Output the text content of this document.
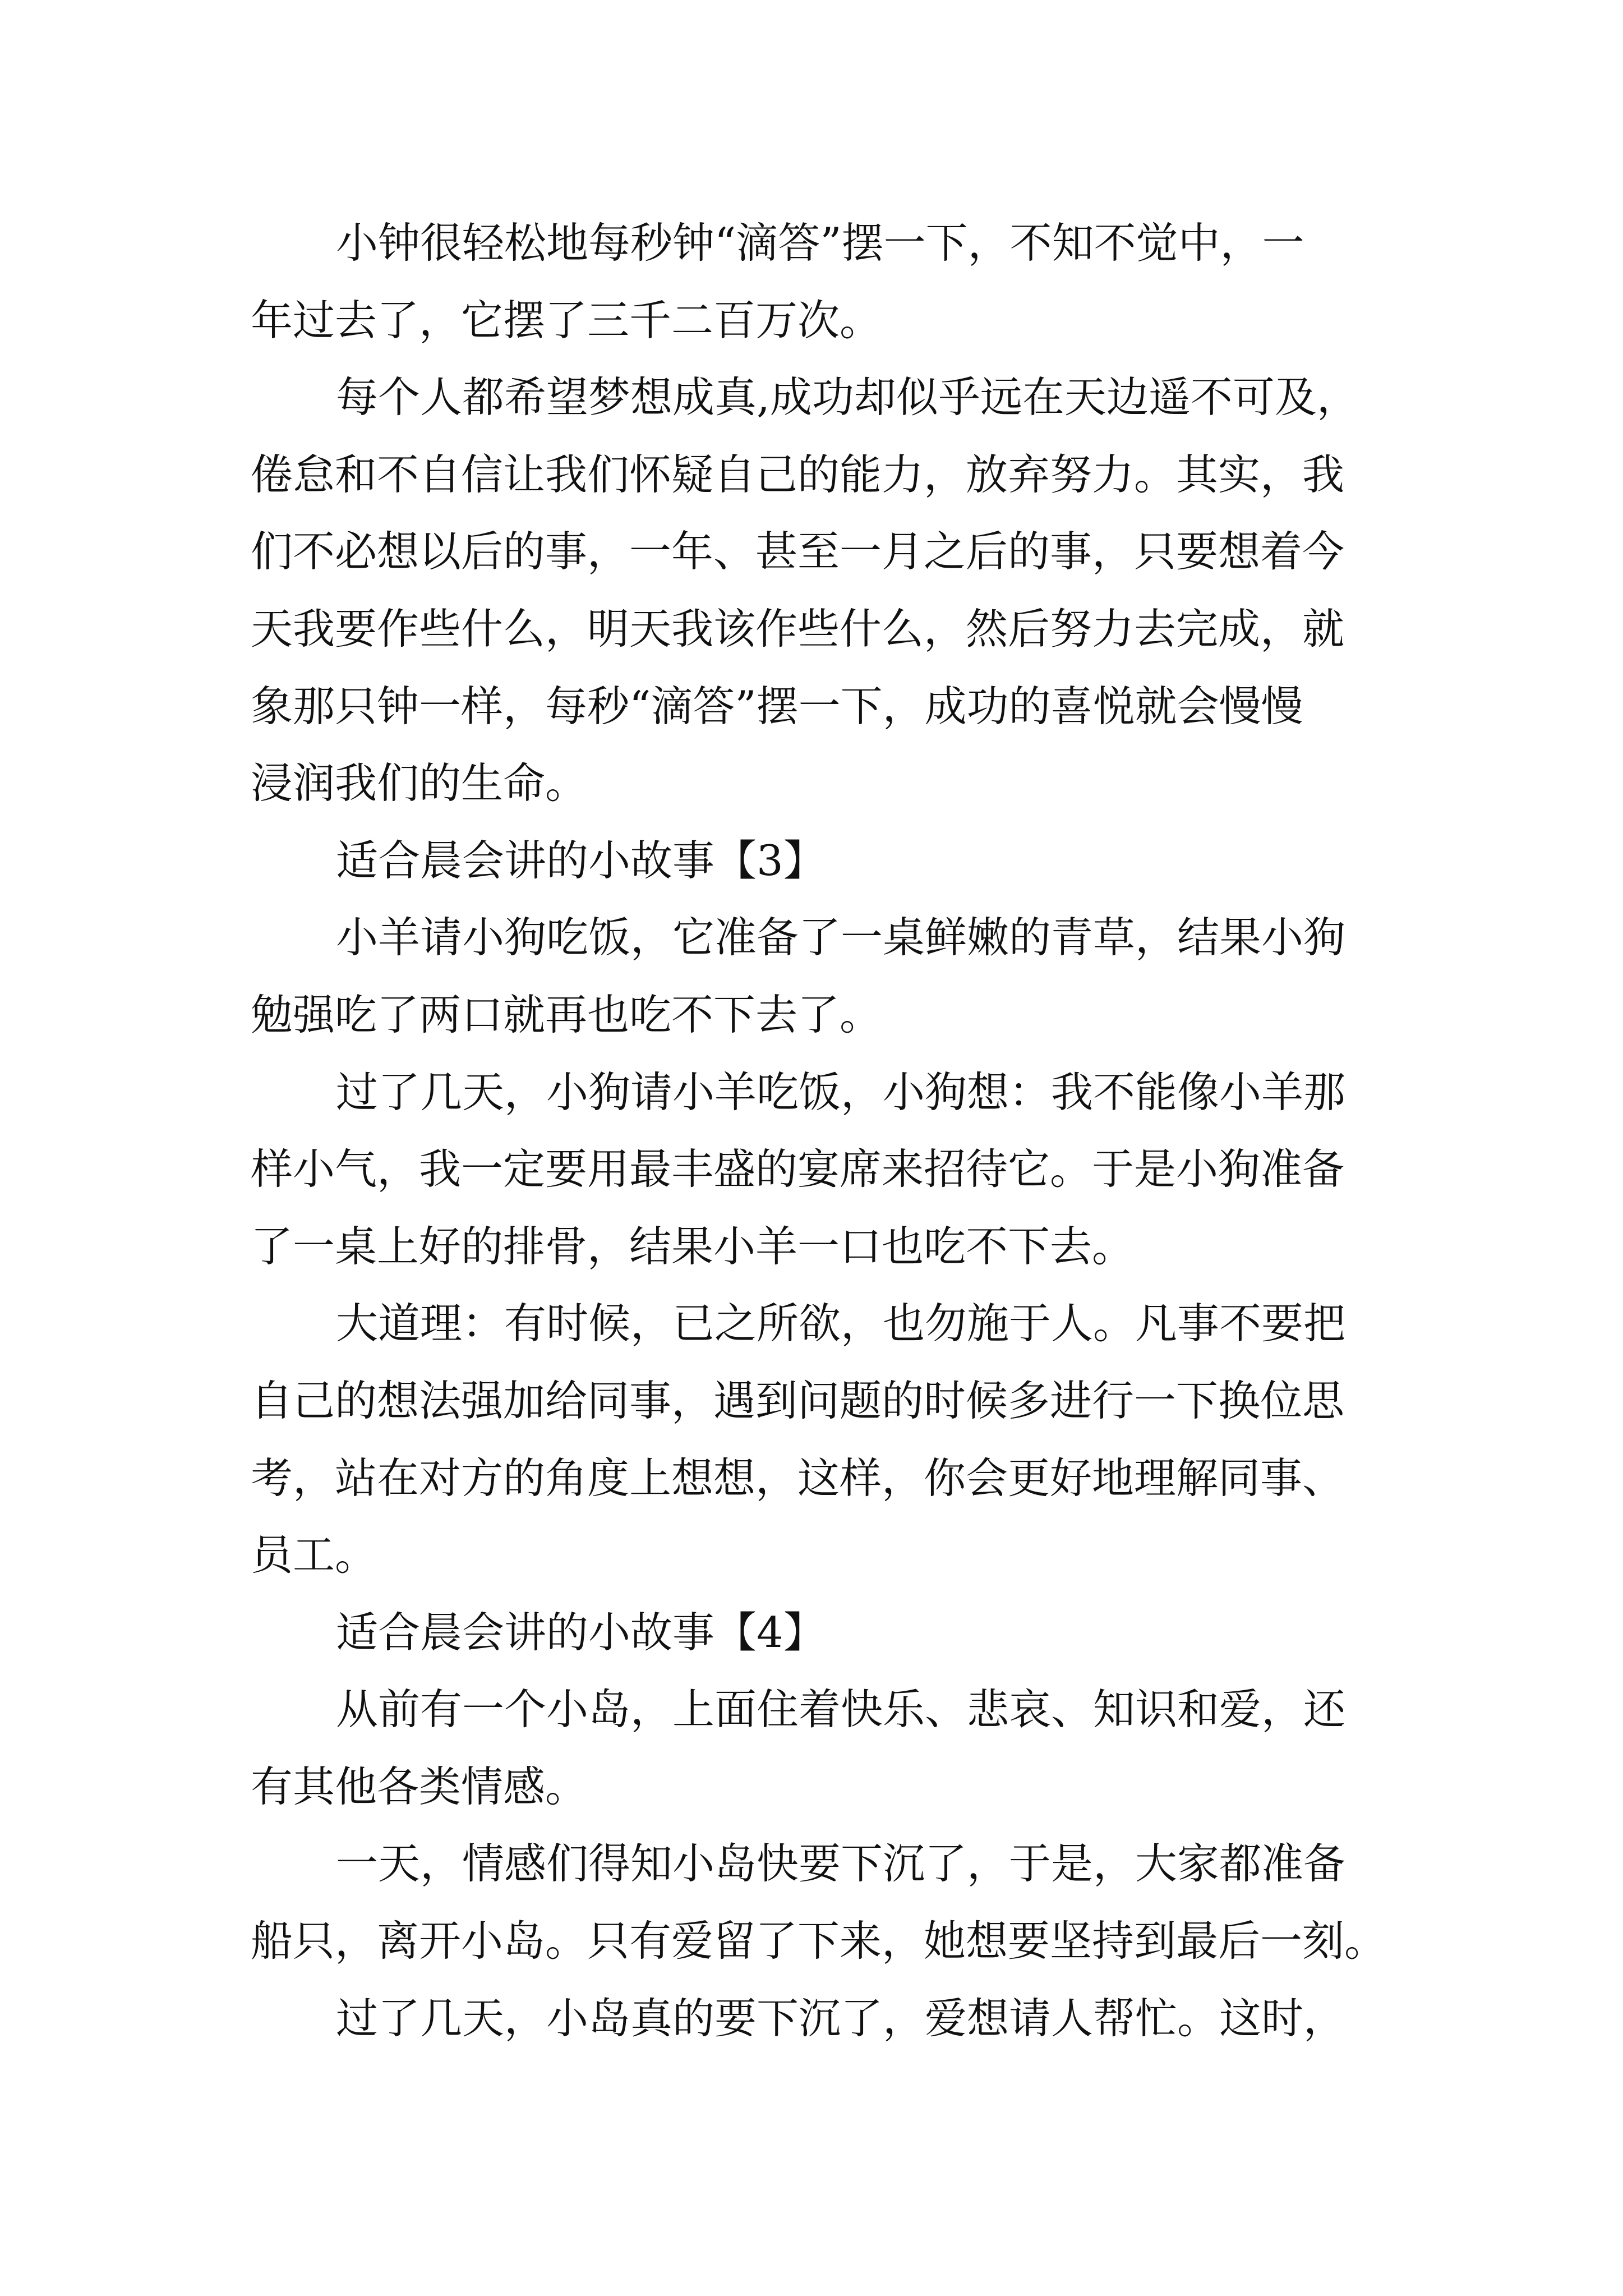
小钟很轻松地每秒钟“滴答”摆一下，不知不觉中，一
年过去了，它摆了三千二百万次。
每个人都希望梦想成真,成功却似乎远在天边遥不可及，
倦怠和不自信让我们怀疑自己的能力，放弃努力。其实，我
们不必想以后的事，一年、甚至一月之后的事，只要想着今
天我要作些什么，明天我该作些什么，然后努力去完成，就
象那只钟一样，每秒“滴答”摆一下，成功的喜悦就会慢慢
浸润我们的生命。
适合晨会讲的小故事【3】
小羊请小狗吃饭，它准备了一桌鲜嫩的青草，结果小狗
勉强吃了两口就再也吃不下去了。
过了几天，小狗请小羊吃饭，小狗想：我不能像小羊那
样小气，我一定要用最丰盛的宴席来招待它。于是小狗准备
了一桌上好的排骨，结果小羊一口也吃不下去。
大道理：有时候，已之所欲，也勿施于人。凡事不要把
自己的想法强加给同事，遇到问题的时候多进行一下换位思
考，站在对方的角度上想想，这样，你会更好地理解同事、
员工。
适合晨会讲的小故事【4】
从前有一个小岛，上面住着快乐、悲哀、知识和爱，还
有其他各类情感。
一天，情感们得知小岛快要下沉了，于是，大家都准备
船只，离开小岛。只有爱留了下来，她想要坚持到最后一刻。
过了几天，小岛真的要下沉了，爱想请人帮忙。这时，
